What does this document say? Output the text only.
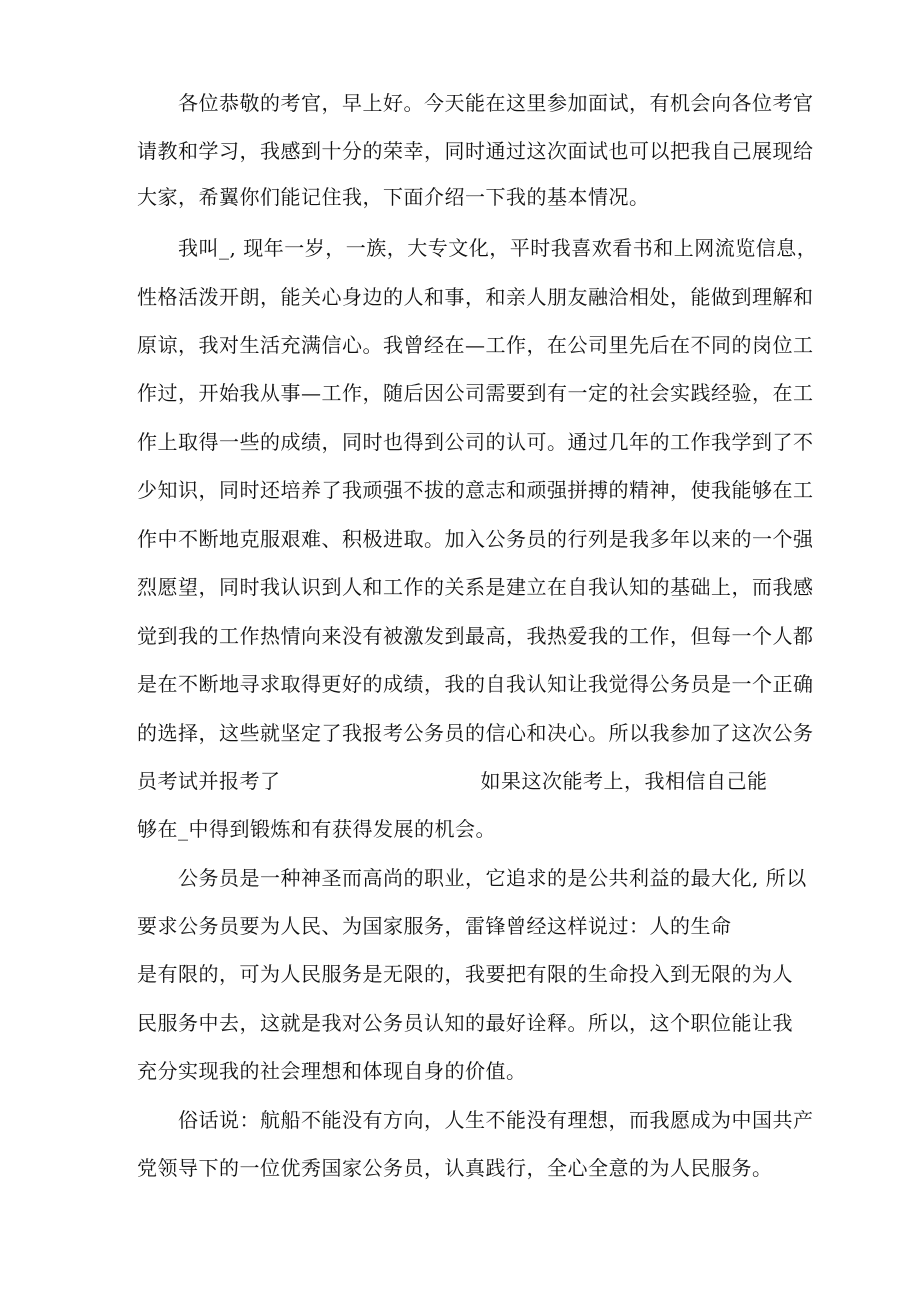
各位恭敬的考官，早上好。今天能在这里参加面试，有机会向各位考官
请教和学习，我感到十分的荣幸，同时通过这次面试也可以把我自己展现给
大家，希翼你们能记住我，下面介绍一下我的基本情况。
我叫_, 现年一岁，一族，大专文化，平时我喜欢看书和上网流览信息，
性格活泼开朗，能关心身边的人和事，和亲人朋友融洽相处，能做到理解和
原谅，我对生活充满信心。我曾经在—工作，在公司里先后在不同的岗位工
作过，开始我从事—工作，随后因公司需要到有一定的社会实践经验，在工
作上取得一些的成绩，同时也得到公司的认可。通过几年的工作我学到了不
少知识，同时还培养了我顽强不拔的意志和顽强拼搏的精神，使我能够在工
作中不断地克服艰难、积极进取。加入公务员的行列是我多年以来的一个强
烈愿望，同时我认识到人和工作的关系是建立在自我认知的基础上，而我感
觉到我的工作热情向来没有被激发到最高，我热爱我的工作，但每一个人都
是在不断地寻求取得更好的成绩，我的自我认知让我觉得公务员是一个正确
的选择，这些就坚定了我报考公务员的信心和决心。所以我参加了这次公务
员考试并报考了	如果这次能考上，我相信自己能
够在_中得到锻炼和有获得发展的机会。
公务员是一种神圣而高尚的职业，它追求的是公共利益的最大化, 所以
要求公务员要为人民、为国家服务，雷锋曾经这样说过：人的生命
是有限的，可为人民服务是无限的，我要把有限的生命投入到无限的为人
民服务中去，这就是我对公务员认知的最好诠释。所以，这个职位能让我
充分实现我的社会理想和体现自身的价值。
俗话说：航船不能没有方向，人生不能没有理想，而我愿成为中国共产
党领导下的一位优秀国家公务员，认真践行，全心全意的为人民服务。
